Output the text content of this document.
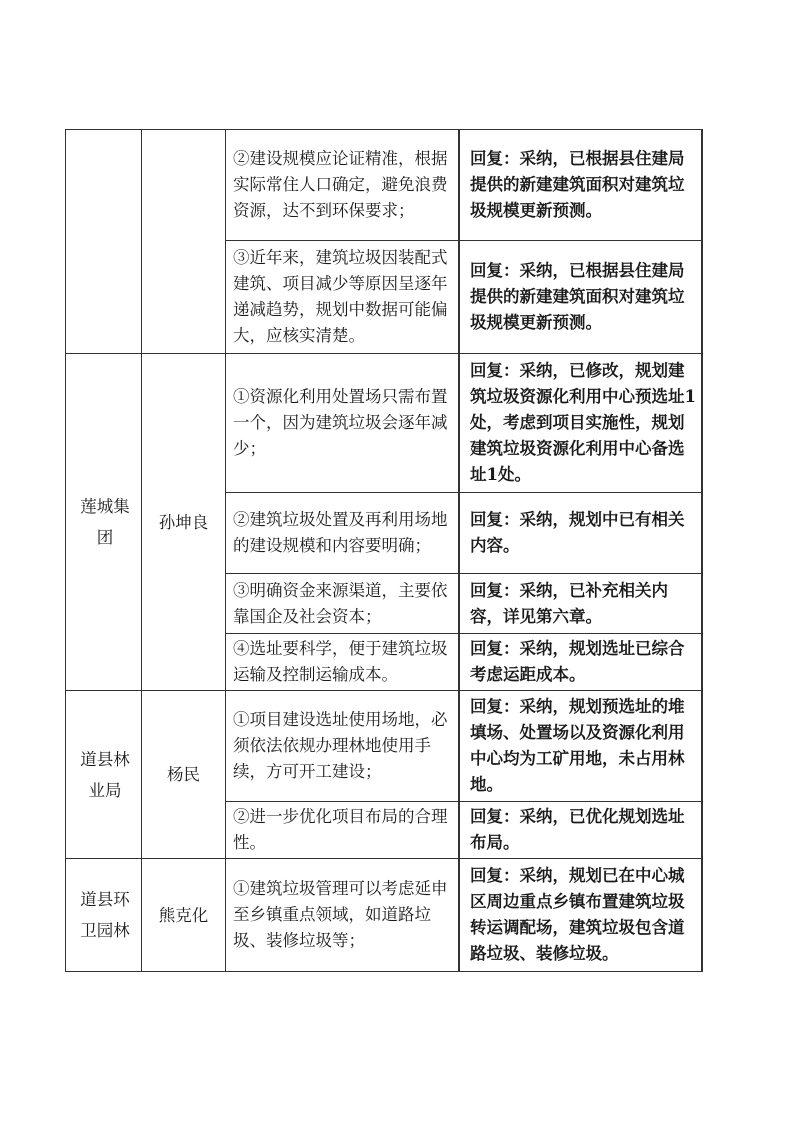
②建设规模应论证精准，根据实际常住人口确定，避免浪费资源，达不到环保要求；
回复：采纳，已根据县住建局提供的新建建筑面积对建筑垃圾规模更新预测。
③近年来，建筑垃圾因装配式建筑、项目减少等原因呈逐年递减趋势，规划中数据可能偏大，应核实清楚。
回复：采纳，已根据县住建局提供的新建建筑面积对建筑垃圾规模更新预测。
莲城集团
孙坤良
①资源化利用处置场只需布置一个，因为建筑垃圾会逐年减少；
回复：采纳，已修改，规划建筑垃圾资源化利用中心预选址1处，考虑到项目实施性，规划建筑垃圾资源化利用中心备选址1处。
②建筑垃圾处置及再利用场地的建设规模和内容要明确；
回复：采纳，规划中已有相关内容。
③明确资金来源渠道，主要依靠国企及社会资本；
回复：采纳，已补充相关内容，详见第六章。
④选址要科学，便于建筑垃圾运输及控制运输成本。
回复：采纳，规划选址已综合考虑运距成本。
道县林业局
杨民
①项目建设选址使用场地，必须依法依规办理林地使用手续，方可开工建设；
回复：采纳，规划预选址的堆填场、处置场以及资源化利用中心均为工矿用地，未占用林地。
②进一步优化项目布局的合理性。
回复：采纳，已优化规划选址布局。
道县环卫园林
熊克化
①建筑垃圾管理可以考虑延申至乡镇重点领域，如道路垃圾、装修垃圾等；
回复：采纳，规划已在中心城区周边重点乡镇布置建筑垃圾转运调配场，建筑垃圾包含道路垃圾、装修垃圾。
